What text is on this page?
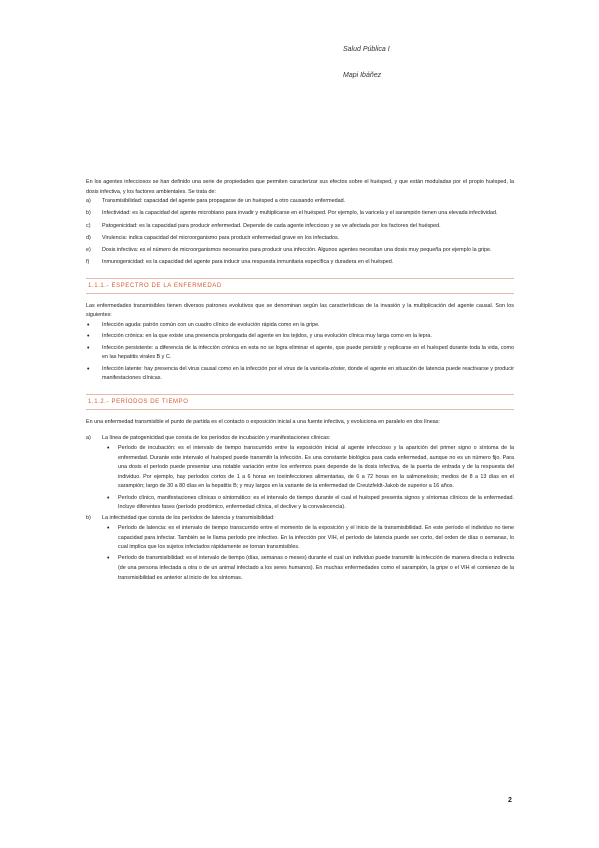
Salud Pública I
Mapi Ibáñez

En los agentes infecciosos se han definido una serie de propiedades que permiten caracterizar sus efectos sobre el huésped, y que están moduladas por el propio huésped, la dosis infectiva, y los factores ambientales. Se trata de:

a) Transmisibilidad: capacidad del agente para propagarse de un huésped a otro causando enfermedad.
b) Infectividad: es la capacidad del agente microbiano para invadir y multiplicarse en el huésped. Por ejemplo, la varicela y el sarampión tienen una elevada infectividad.
c) Patogenicidad: es la capacidad para producir enfermedad. Depende de cada agente infeccioso y se ve afectada por los factores del huésped.
d) Virulencia: indica capacidad del microorganismo para producir enfermedad grave en los infectados.
e) Dosis infectiva: es el número de microorganismos necesarios para producir una infección. Algunos agentes necesitan una dosis muy pequeña por ejemplo la gripe.
f) Inmunogenicidad: es la capacidad del agente para inducir una respuesta inmunitaria específica y duradera en el huésped.
1.1.1.- ESPECTRO DE LA ENFERMEDAD

Las enfermedades transmisibles tienen diversos patrones evolutivos que se denominan según las características de la invasión y la multiplicación del agente causal. Son los siguientes:

• Infección aguda: patrón común con un cuadro clínico de evolución rápida como en la gripe.
• Infección crónica: en la que existe una presencia prolongada del agente en los tejidos, y una evolución clínica muy larga como en la lepra.
• Infección persistente: a diferencia de la infección crónica en esta no se logra eliminar el agente, que puede persistir y replicarse en el huésped durante toda la vida, como en las hepatitis virales B y C.
• Infección latente: hay presencia del virus causal como en la infección por el virus de la varicela-zóster, donde el agente en situación de latencia puede reactivarse y producir manifestaciones clínicas.
1.1.2.- PERÍODOS DE TIEMPO

En una enfermedad transmisible el punto de partida es el contacto o exposición inicial a una fuente infectiva, y evoluciona en paralelo en dos líneas:

a) La línea de patogenicidad que consta de los períodos de incubación y manifestaciones clínicas:
• Período de incubación: es el intervalo de tiempo transcurrido entre la exposición inicial al agente infeccioso y la aparición del primer signo o síntoma de la enfermedad. Durante este intervalo el huésped puede transmitir la infección. Es una constante biológica para cada enfermedad, aunque no es un número fijo. Para una dosis el período puede presentar una notable variación entre los enfermos pues depende de la dosis infectiva, de la puerta de entrada y de la respuesta del individuo. Por ejemplo, hay períodos cortos de 1 a 6 horas en toxiinfecciones alimentarias, de 6 a 72 horas en la salmonelosis; medios de 8 a 13 días en el sarampión; largo de 30 a 80 días en la hepatitis B; y muy largos en la variante de la enfermedad de Creutzfeldt-Jakob de superior a 16 años.
• Período clínico, manifestaciones clínicas o sintomático: es el intervalo de tiempo durante el cual el huésped presenta signos y síntomas clínicos de la enfermedad. Incluye diferentes fases (período prodómico, enfermedad clínica, el declive y la convalecencia).
b) La infectividad que consta de los períodos de latencia y transmisibilidad:
• Período de latencia: es el intervalo de tiempo transcurrido entre el momento de la exposición y el inicio de la transmisibilidad. En este período el individuo no tiene capacidad para infectar. También se le llama período pre infectivo. En la infección por VIH, el período de latencia puede ser corto, del orden de días o semanas, lo cual implica que los sujetos infectados rápidamente se tornan transmisibles.
• Período de transmisibilidad: es el intervalo de tiempo (días, semanas o meses) durante el cual un individuo puede transmitir la infección de manera directa o indirecta (de una persona infectada a otra o de un animal infectado a los seres humanos). En muchas enfermedades como el sarampión, la gripe o el VIH el comienzo de la transmisibilidad es anterior al inicio de los síntomas.
2
